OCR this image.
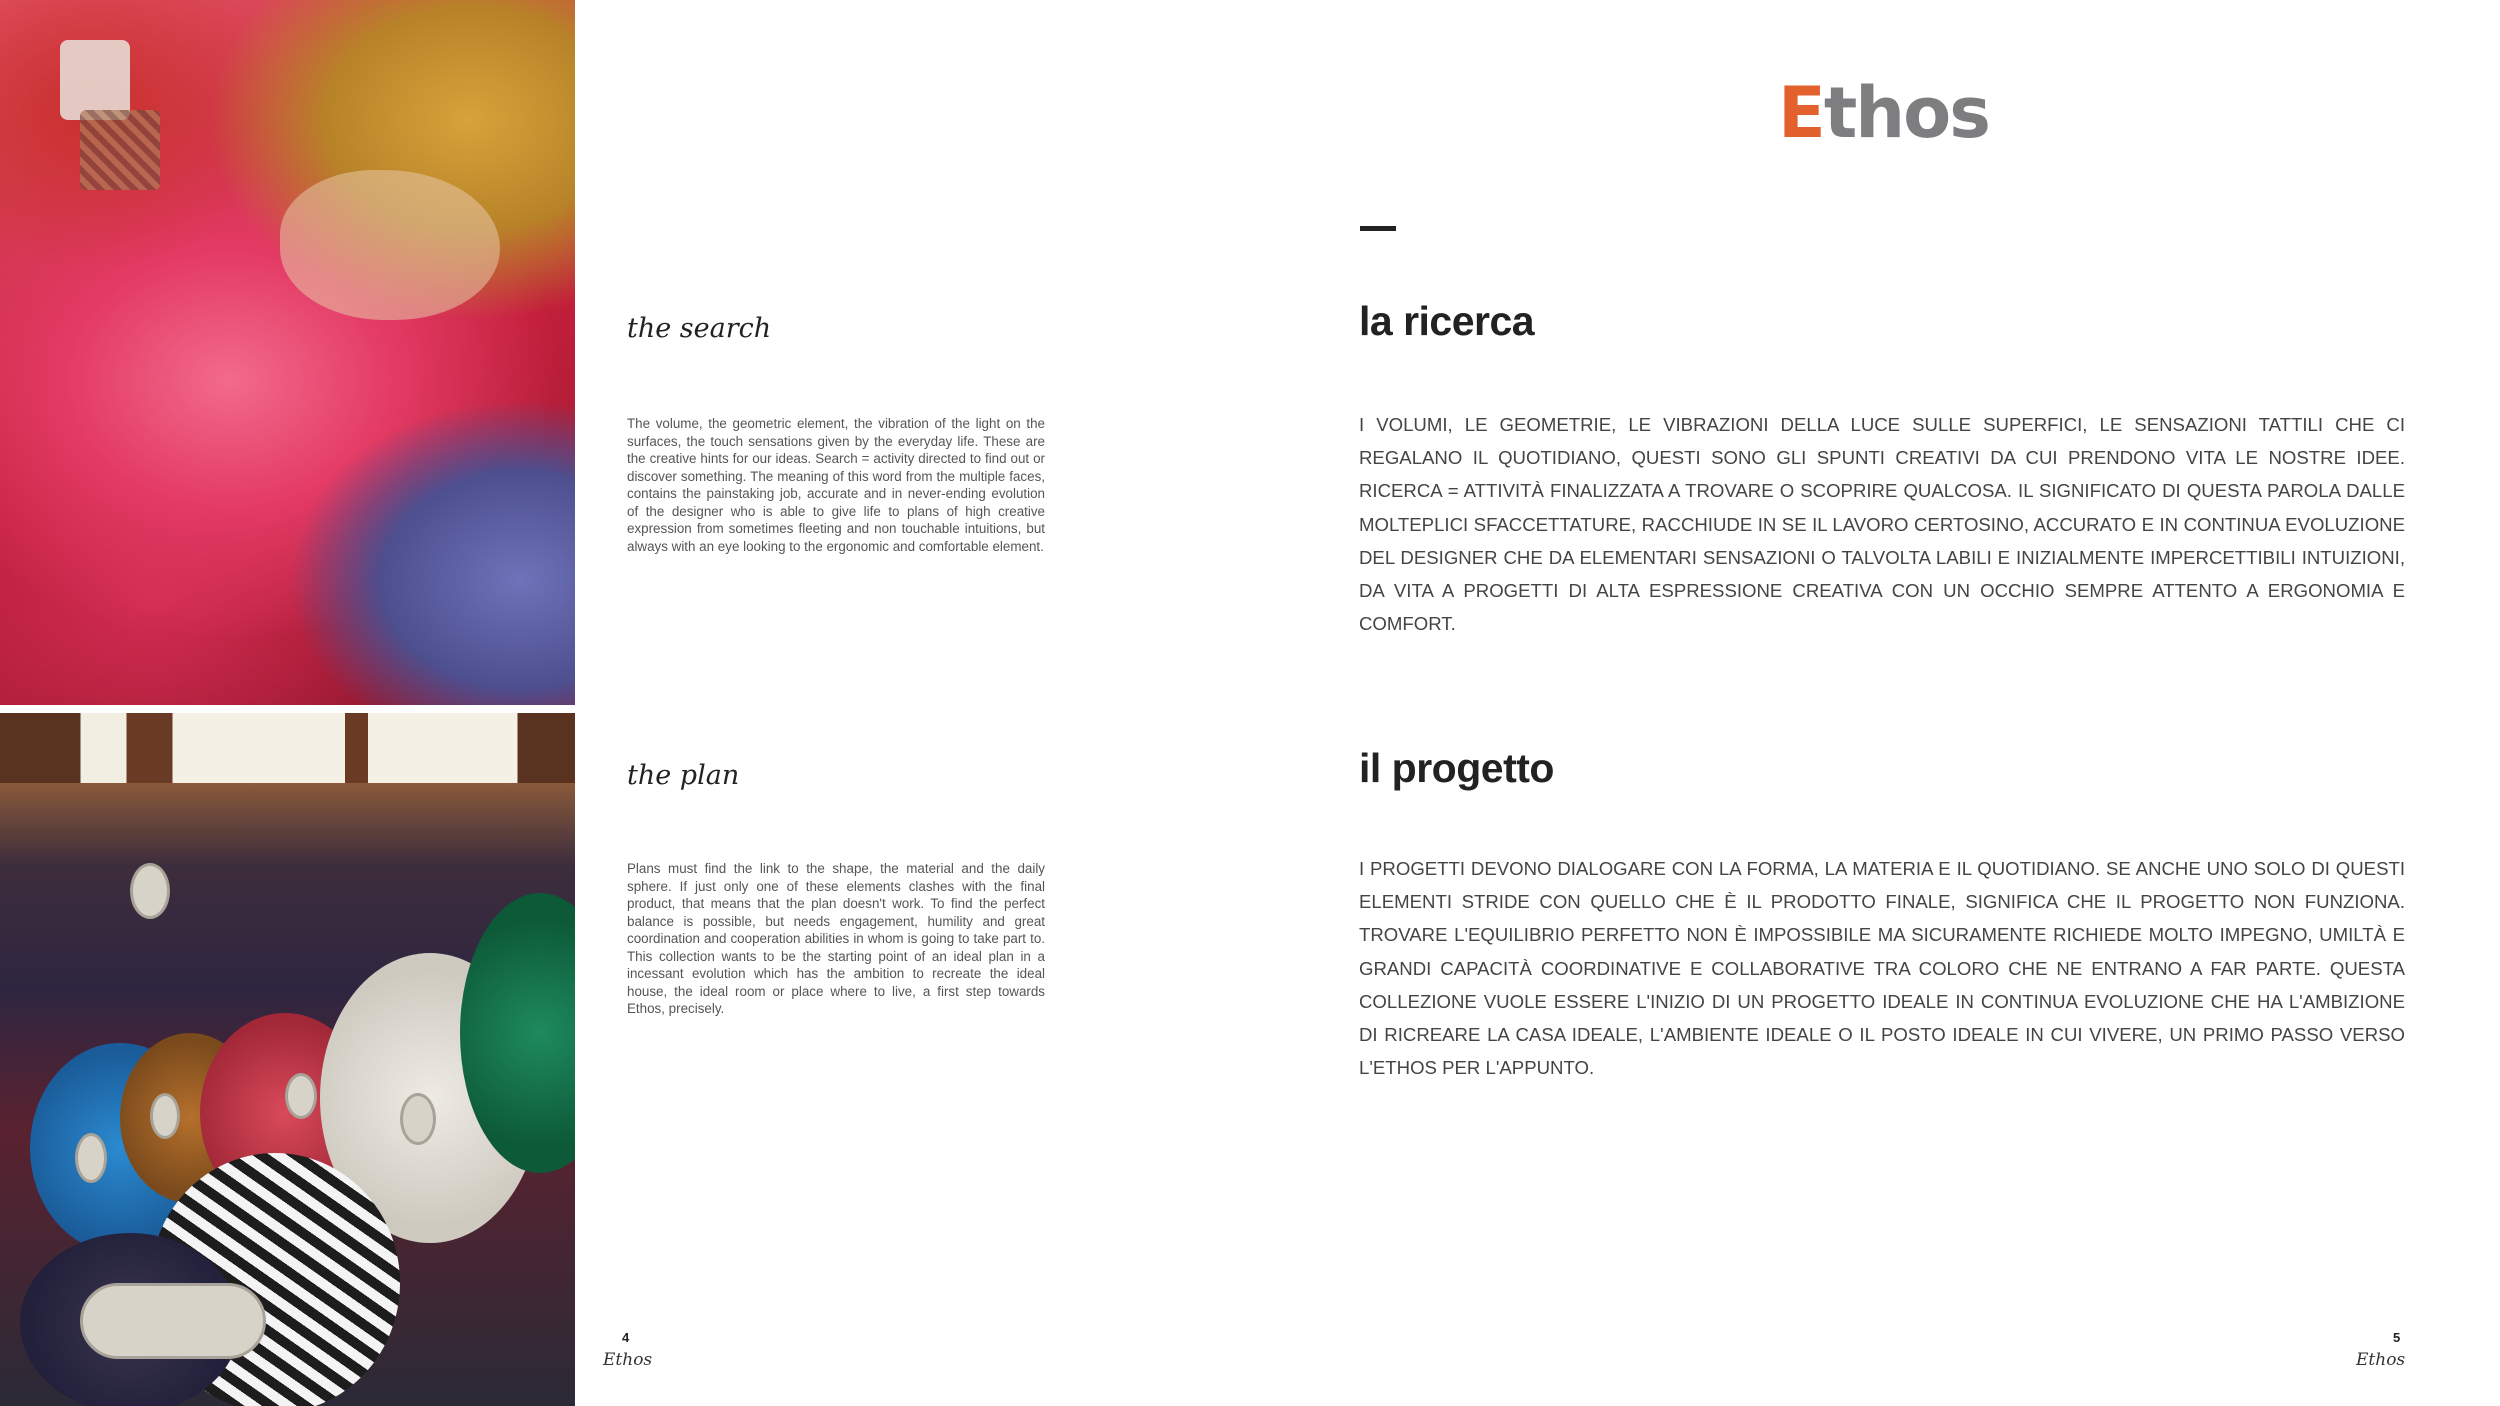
Ethos
the search
The volume, the geometric element, the vibration of the light on the surfaces, the touch sensations given by the everyday life. These are the creative hints for our ideas. Search = activity directed to find out or discover something. The meaning of this word from the multiple faces, contains the painstaking job, accurate and in never-ending evolution of the designer who is able to give life to plans of high creative expression from sometimes fleeting and non touchable intuitions, but always with an eye looking to the ergonomic and comfortable element.
la ricerca
I VOLUMI, LE GEOMETRIE, LE VIBRAZIONI DELLA LUCE SULLE SUPERFICI, LE SENSAZIONI TATTILI CHE CI REGALANO IL QUOTIDIANO, QUESTI SONO GLI SPUNTI CREATIVI DA CUI PRENDONO VITA LE NOSTRE IDEE. RICERCA = ATTIVITÀ FINALIZZATA A TROVARE O SCOPRIRE QUALCOSA. IL SIGNIFICATO DI QUESTA PAROLA DALLE MOLTEPLICI SFACCETTATURE, RACCHIUDE IN SE IL LAVORO CERTOSINO, ACCURATO E IN CONTINUA EVOLUZIONE DEL DESIGNER CHE DA ELEMENTARI SENSAZIONI O TALVOLTA LABILI E INIZIALMENTE IMPERCETTIBILI INTUIZIONI, DA VITA A PROGETTI DI ALTA ESPRESSIONE CREATIVA CON UN OCCHIO SEMPRE ATTENTO A ERGONOMIA E COMFORT.
the plan
Plans must find the link to the shape, the material and the daily sphere. If just only one of these elements clashes with the final product, that means that the plan doesn't work. To find the perfect balance is possible, but needs engagement, humility and great coordination and cooperation abilities in whom is going to take part to. This collection wants to be the starting point of an ideal plan in a incessant evolution which has the ambition to recreate the ideal house, the ideal room or place where to live, a first step towards Ethos, precisely.
il progetto
I PROGETTI DEVONO DIALOGARE CON LA FORMA, LA MATERIA E IL QUOTIDIANO. SE ANCHE UNO SOLO DI QUESTI ELEMENTI STRIDE CON QUELLO CHE È IL PRODOTTO FINALE, SIGNIFICA CHE IL PROGETTO NON FUNZIONA. TROVARE L'EQUILIBRIO PERFETTO NON È IMPOSSIBILE MA SICURAMENTE RICHIEDE MOLTO IMPEGNO, UMILTÀ E GRANDI CAPACITÀ COORDINATIVE E COLLABORATIVE TRA COLORO CHE NE ENTRANO A FAR PARTE. QUESTA COLLEZIONE VUOLE ESSERE L'INIZIO DI UN PROGETTO IDEALE IN CONTINUA EVOLUZIONE CHE HA L'AMBIZIONE DI RICREARE LA CASA IDEALE, L'AMBIENTE IDEALE O IL POSTO IDEALE IN CUI VIVERE, UN PRIMO PASSO VERSO L'ETHOS PER L'APPUNTO.
4
Ethos
5
Ethos
